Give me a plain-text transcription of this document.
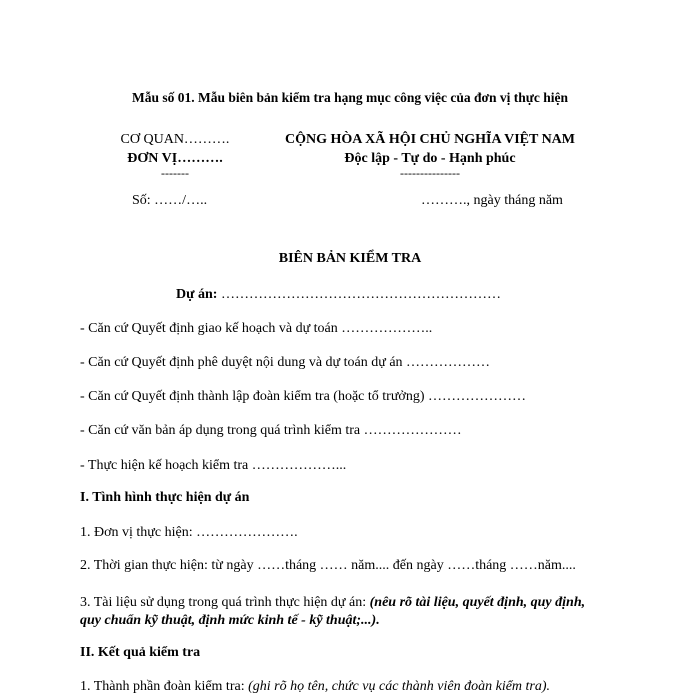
Mẫu số 01. Mẫu biên bản kiểm tra hạng mục công việc của đơn vị thực hiện
CƠ QUAN……….
ĐƠN VỊ……….
-------
Số: ……/…..
CỘNG HÒA XÃ HỘI CHỦ NGHĨA VIỆT NAM
Độc lập - Tự do - Hạnh phúc
---------------
………., ngày tháng năm
BIÊN BẢN KIỂM TRA
Dự án: ……………………………………………………
- Căn cứ Quyết định giao kế hoạch và dự toán ………………..
- Căn cứ Quyết định phê duyệt nội dung và dự toán dự án ………………
- Căn cứ Quyết định thành lập đoàn kiểm tra (hoặc tổ trưởng) …………………
- Căn cứ văn bản áp dụng trong quá trình kiểm tra …………………
- Thực hiện kế hoạch kiểm tra ………………...
I. Tình hình thực hiện dự án
1. Đơn vị thực hiện: ………………….
2. Thời gian thực hiện: từ ngày ……tháng …… năm.... đến ngày ……tháng ……năm....
3. Tài liệu sử dụng trong quá trình thực hiện dự án: (nêu rõ tài liệu, quyết định, quy định,
quy chuẩn kỹ thuật, định mức kinh tế - kỹ thuật;...).
II. Kết quả kiểm tra
1. Thành phần đoàn kiểm tra: (ghi rõ họ tên, chức vụ các thành viên đoàn kiểm tra).
